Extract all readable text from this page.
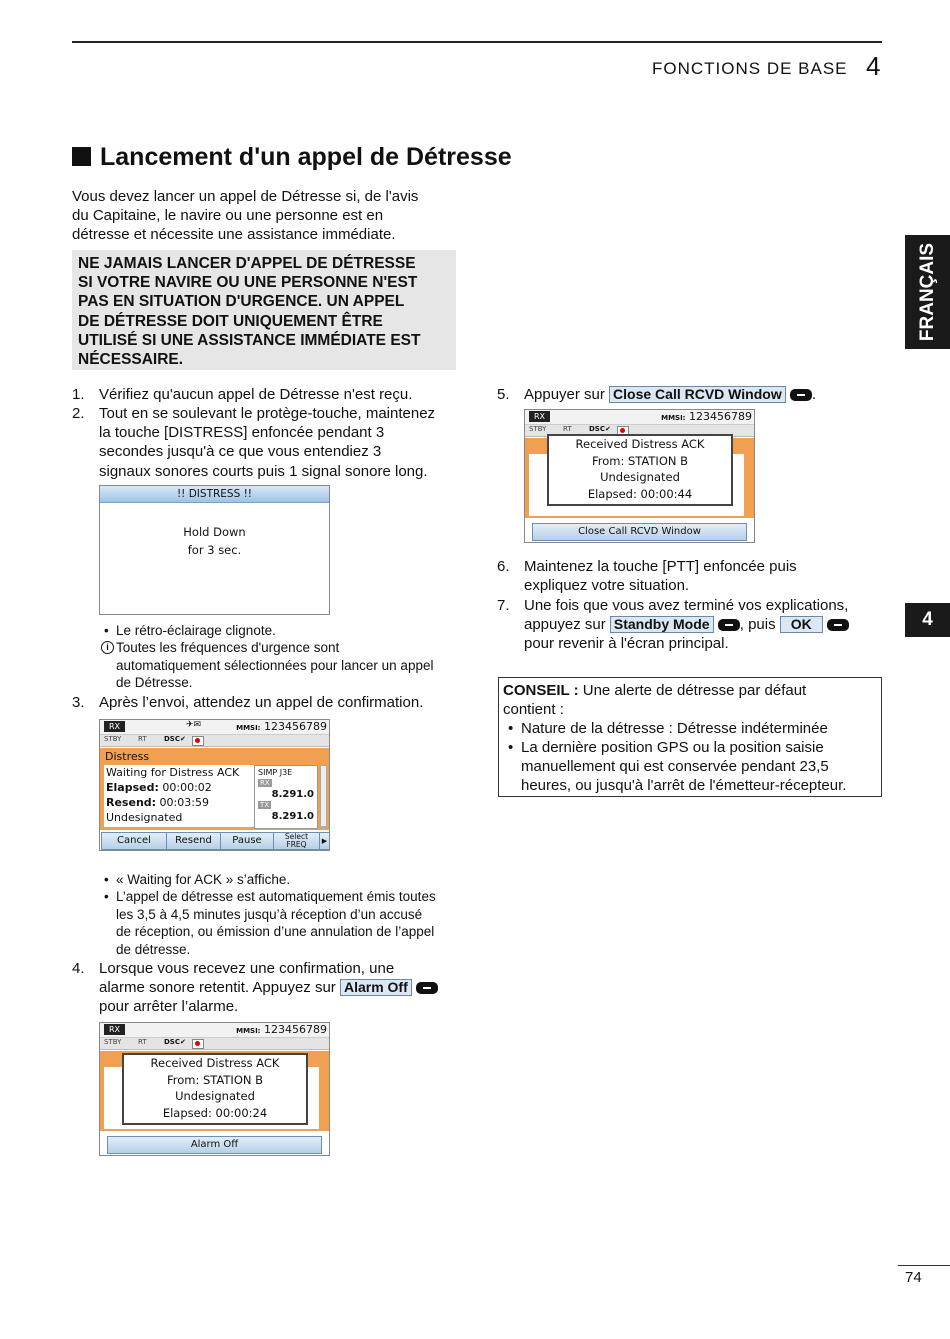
FONCTIONS DE BASE 4
FRANÇAIS
4
Lancement d'un appel de Détresse
Vous devez lancer un appel de Détresse si, de l'avis
du Capitaine, le navire ou une personne est en
détresse et nécessite une assistance immédiate.
NE JAMAIS LANCER D'APPEL DE DÉTRESSE
SI VOTRE NAVIRE OU UNE PERSONNE N'EST
PAS EN SITUATION D'URGENCE. UN APPEL
DE DÉTRESSE DOIT UNIQUEMENT ÊTRE
UTILISÉ SI UNE ASSISTANCE IMMÉDIATE EST
NÉCESSAIRE.
1. Vérifiez qu'aucun appel de Détresse n'est reçu.
2. Tout en se soulevant le protège-touche, maintenez
la touche [DISTRESS] enfoncée pendant 3
secondes jusqu'à ce que vous entendiez 3
signaux sonores courts puis 1 signal sonore long.
!! DISTRESS !!
Hold Down
for 3 sec.
• Le rétro-éclairage clignote.
i Toutes les fréquences d'urgence sont
automatiquement sélectionnées pour lancer un appel
de Détresse.
3. Après l’envoi, attendez un appel de confirmation.
RX	✈✉	MMSI: 123456789
STBY RT DSC✔
Distress
Waiting for Distress ACK
Elapsed: 00:00:02
Resend: 00:03:59
Undesignated
SIMP J3E
RX
8.291.0
TX
8.291.0
Cancel	Resend	Pause	Select FREQ	▶
• « Waiting for ACK » s’affiche.
• L’appel de détresse est automatiquement émis toutes
les 3,5 à 4,5 minutes jusqu’à réception d’un accusé
de réception, ou émission d’une annulation de l’appel
de détresse.
4. Lorsque vous recevez une confirmation, une
alarme sonore retentit. Appuyez sur Alarm Off
pour arrêter l’alarme.
RX	MMSI: 123456789
STBY RT DSC✔
Received Distress ACK
From: STATION B
Undesignated
Elapsed: 00:00:24
Alarm Off
5. Appuyer sur Close Call RCVD Window .
RX	MMSI: 123456789
STBY RT DSC✔
Received Distress ACK
From: STATION B
Undesignated
Elapsed: 00:00:44
Close Call RCVD Window
6. Maintenez la touche [PTT] enfoncée puis
expliquez votre situation.
7. Une fois que vous avez terminé vos explications,
appuyez sur Standby Mode , puis OK
pour revenir à l'écran principal.
CONSEIL : Une alerte de détresse par défaut
contient :
• Nature de la détresse : Détresse indéterminée
• La dernière position GPS ou la position saisie
manuellement qui est conservée pendant 23,5
heures, ou jusqu'à l'arrêt de l'émetteur-récepteur.
74
